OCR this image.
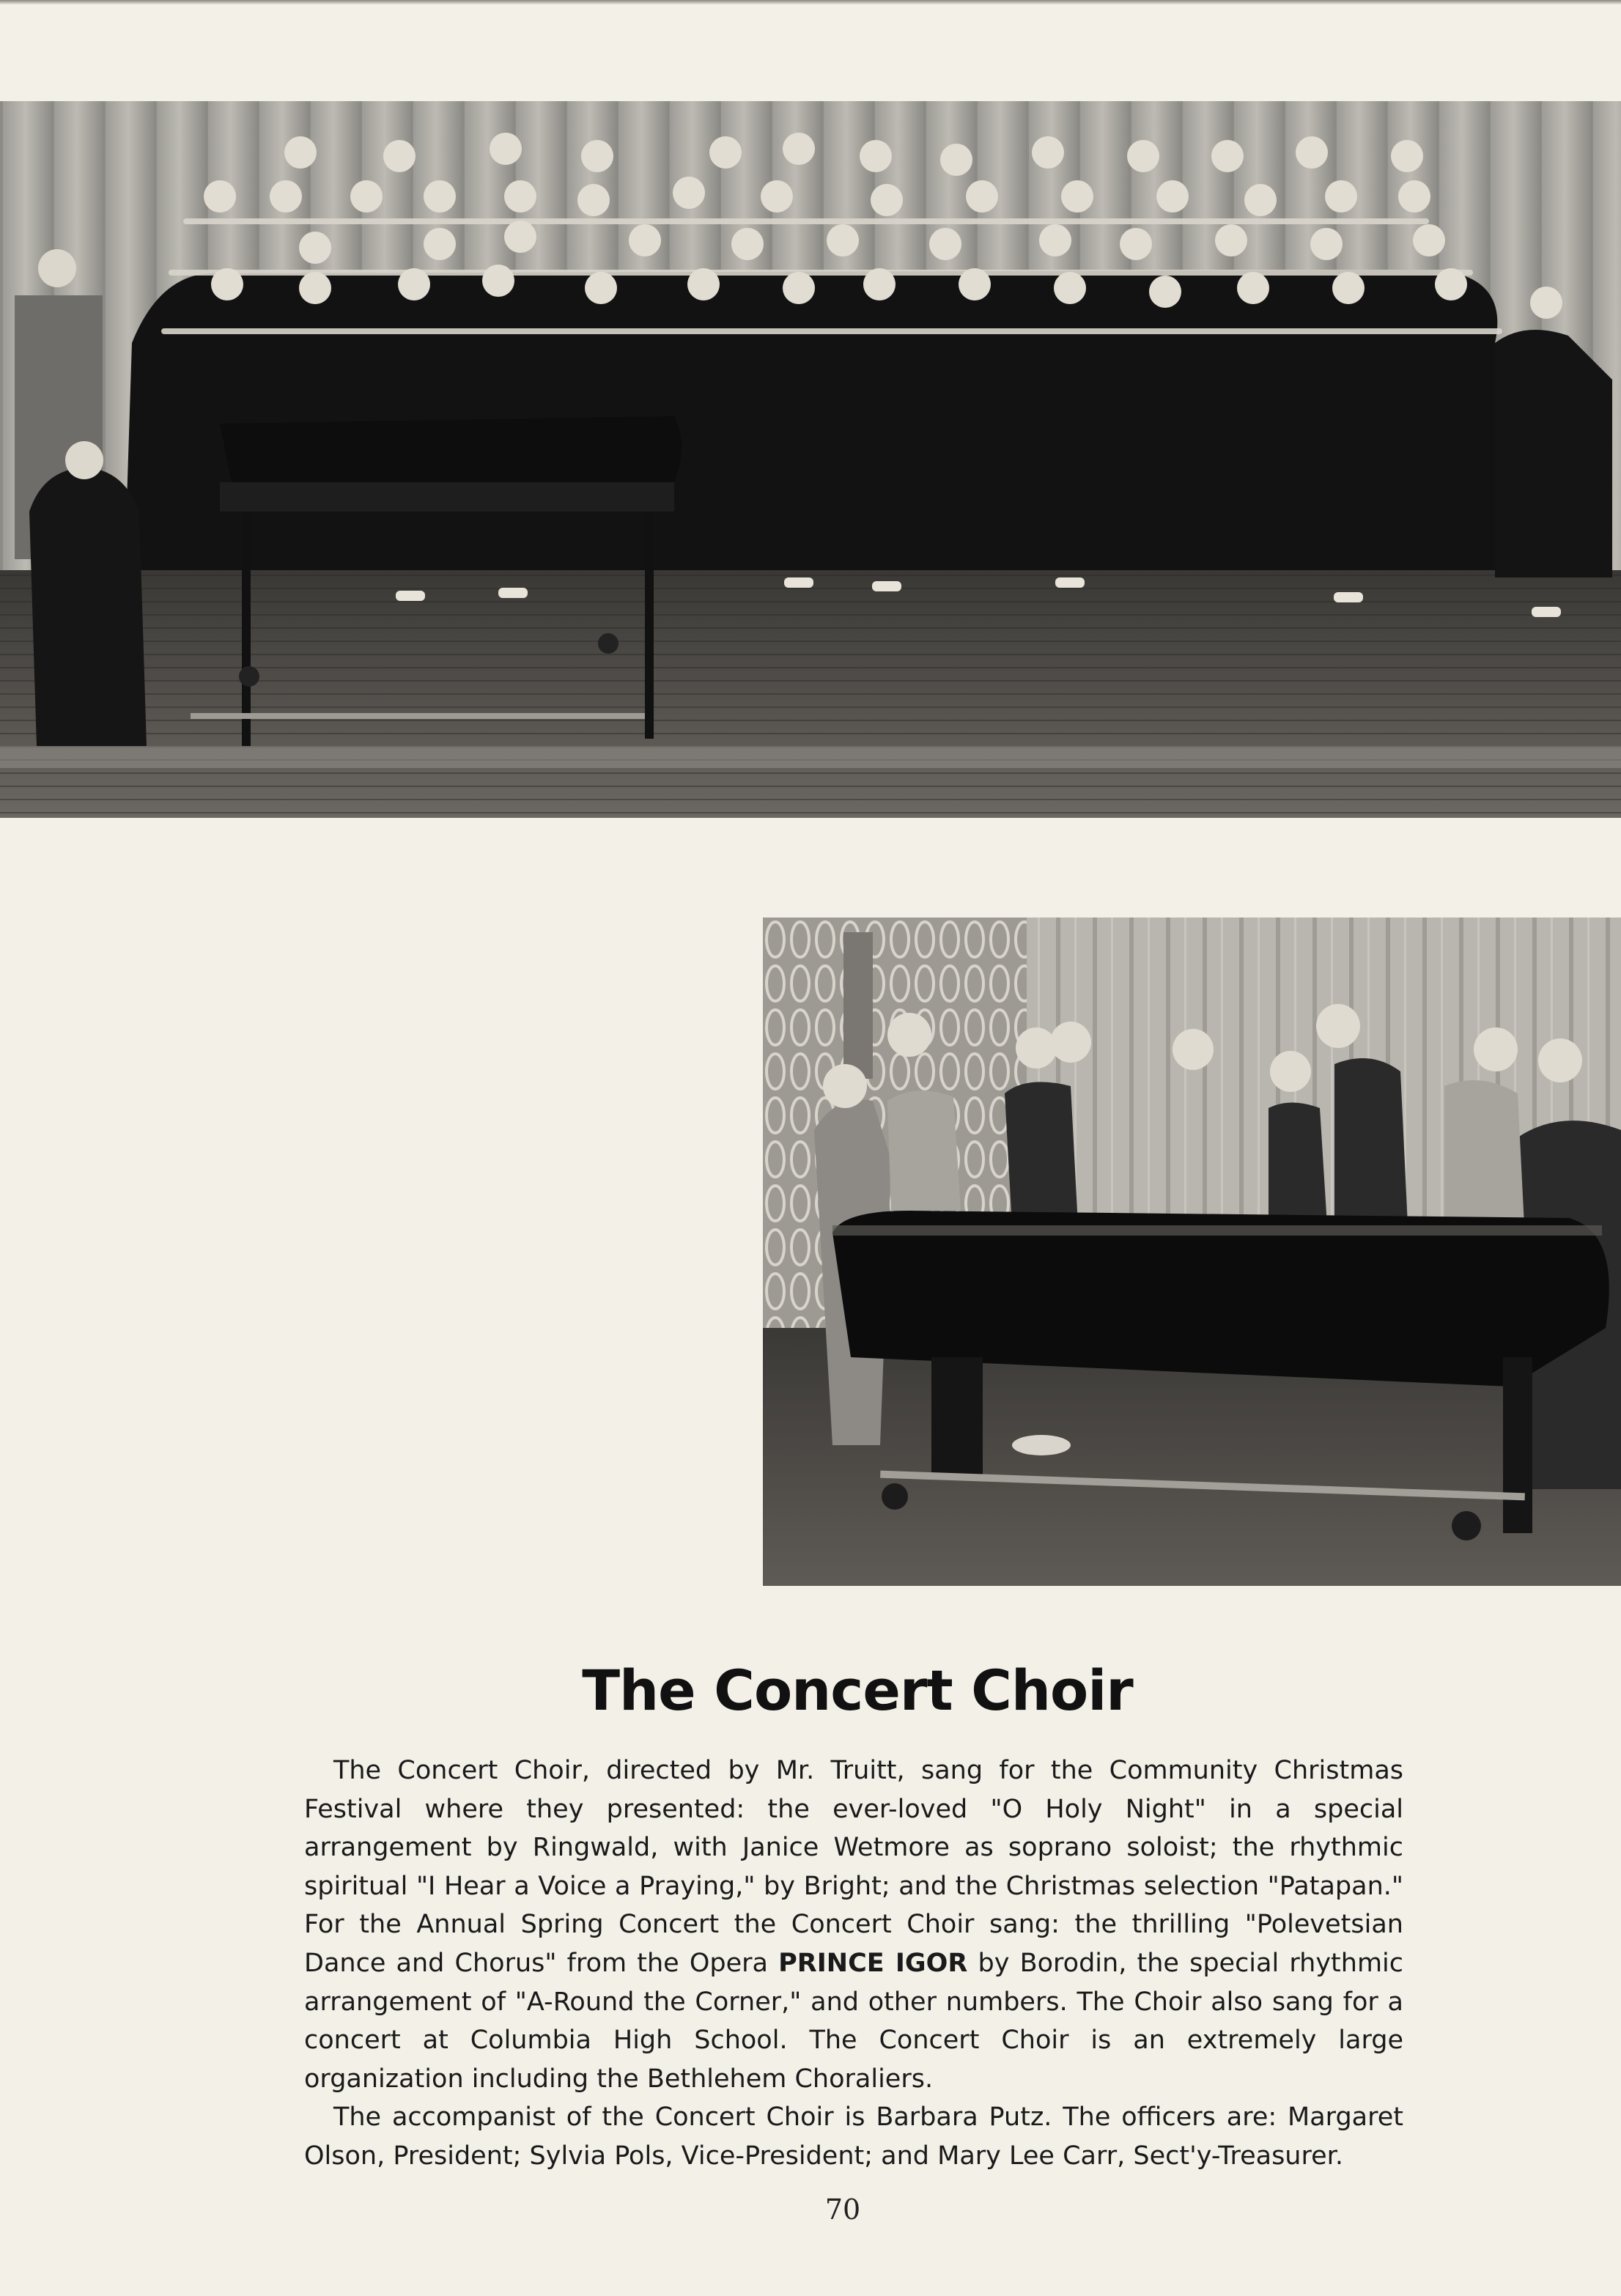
The Concert Choir

The Concert Choir, directed by Mr. Truitt, sang for the Community Christmas Festival where they presented: the ever-loved "O Holy Night" in a special arrangement by Ringwald, with Janice Wetmore as soprano soloist; the rhythmic spiritual "I Hear a Voice a Praying," by Bright; and the Christmas selection "Patapan." For the Annual Spring Concert the Concert Choir sang: the thrilling "Polevetsian Dance and Chorus" from the Opera PRINCE IGOR by Borodin, the special rhythmic arrangement of "A-Round the Corner," and other numbers. The Choir also sang for a concert at Columbia High School. The Concert Choir is an extremely large organization including the Bethlehem Choraliers.

The accompanist of the Concert Choir is Barbara Putz. The officers are: Margaret Olson, President; Sylvia Pols, Vice-President; and Mary Lee Carr, Sect'y-Treasurer.

70
